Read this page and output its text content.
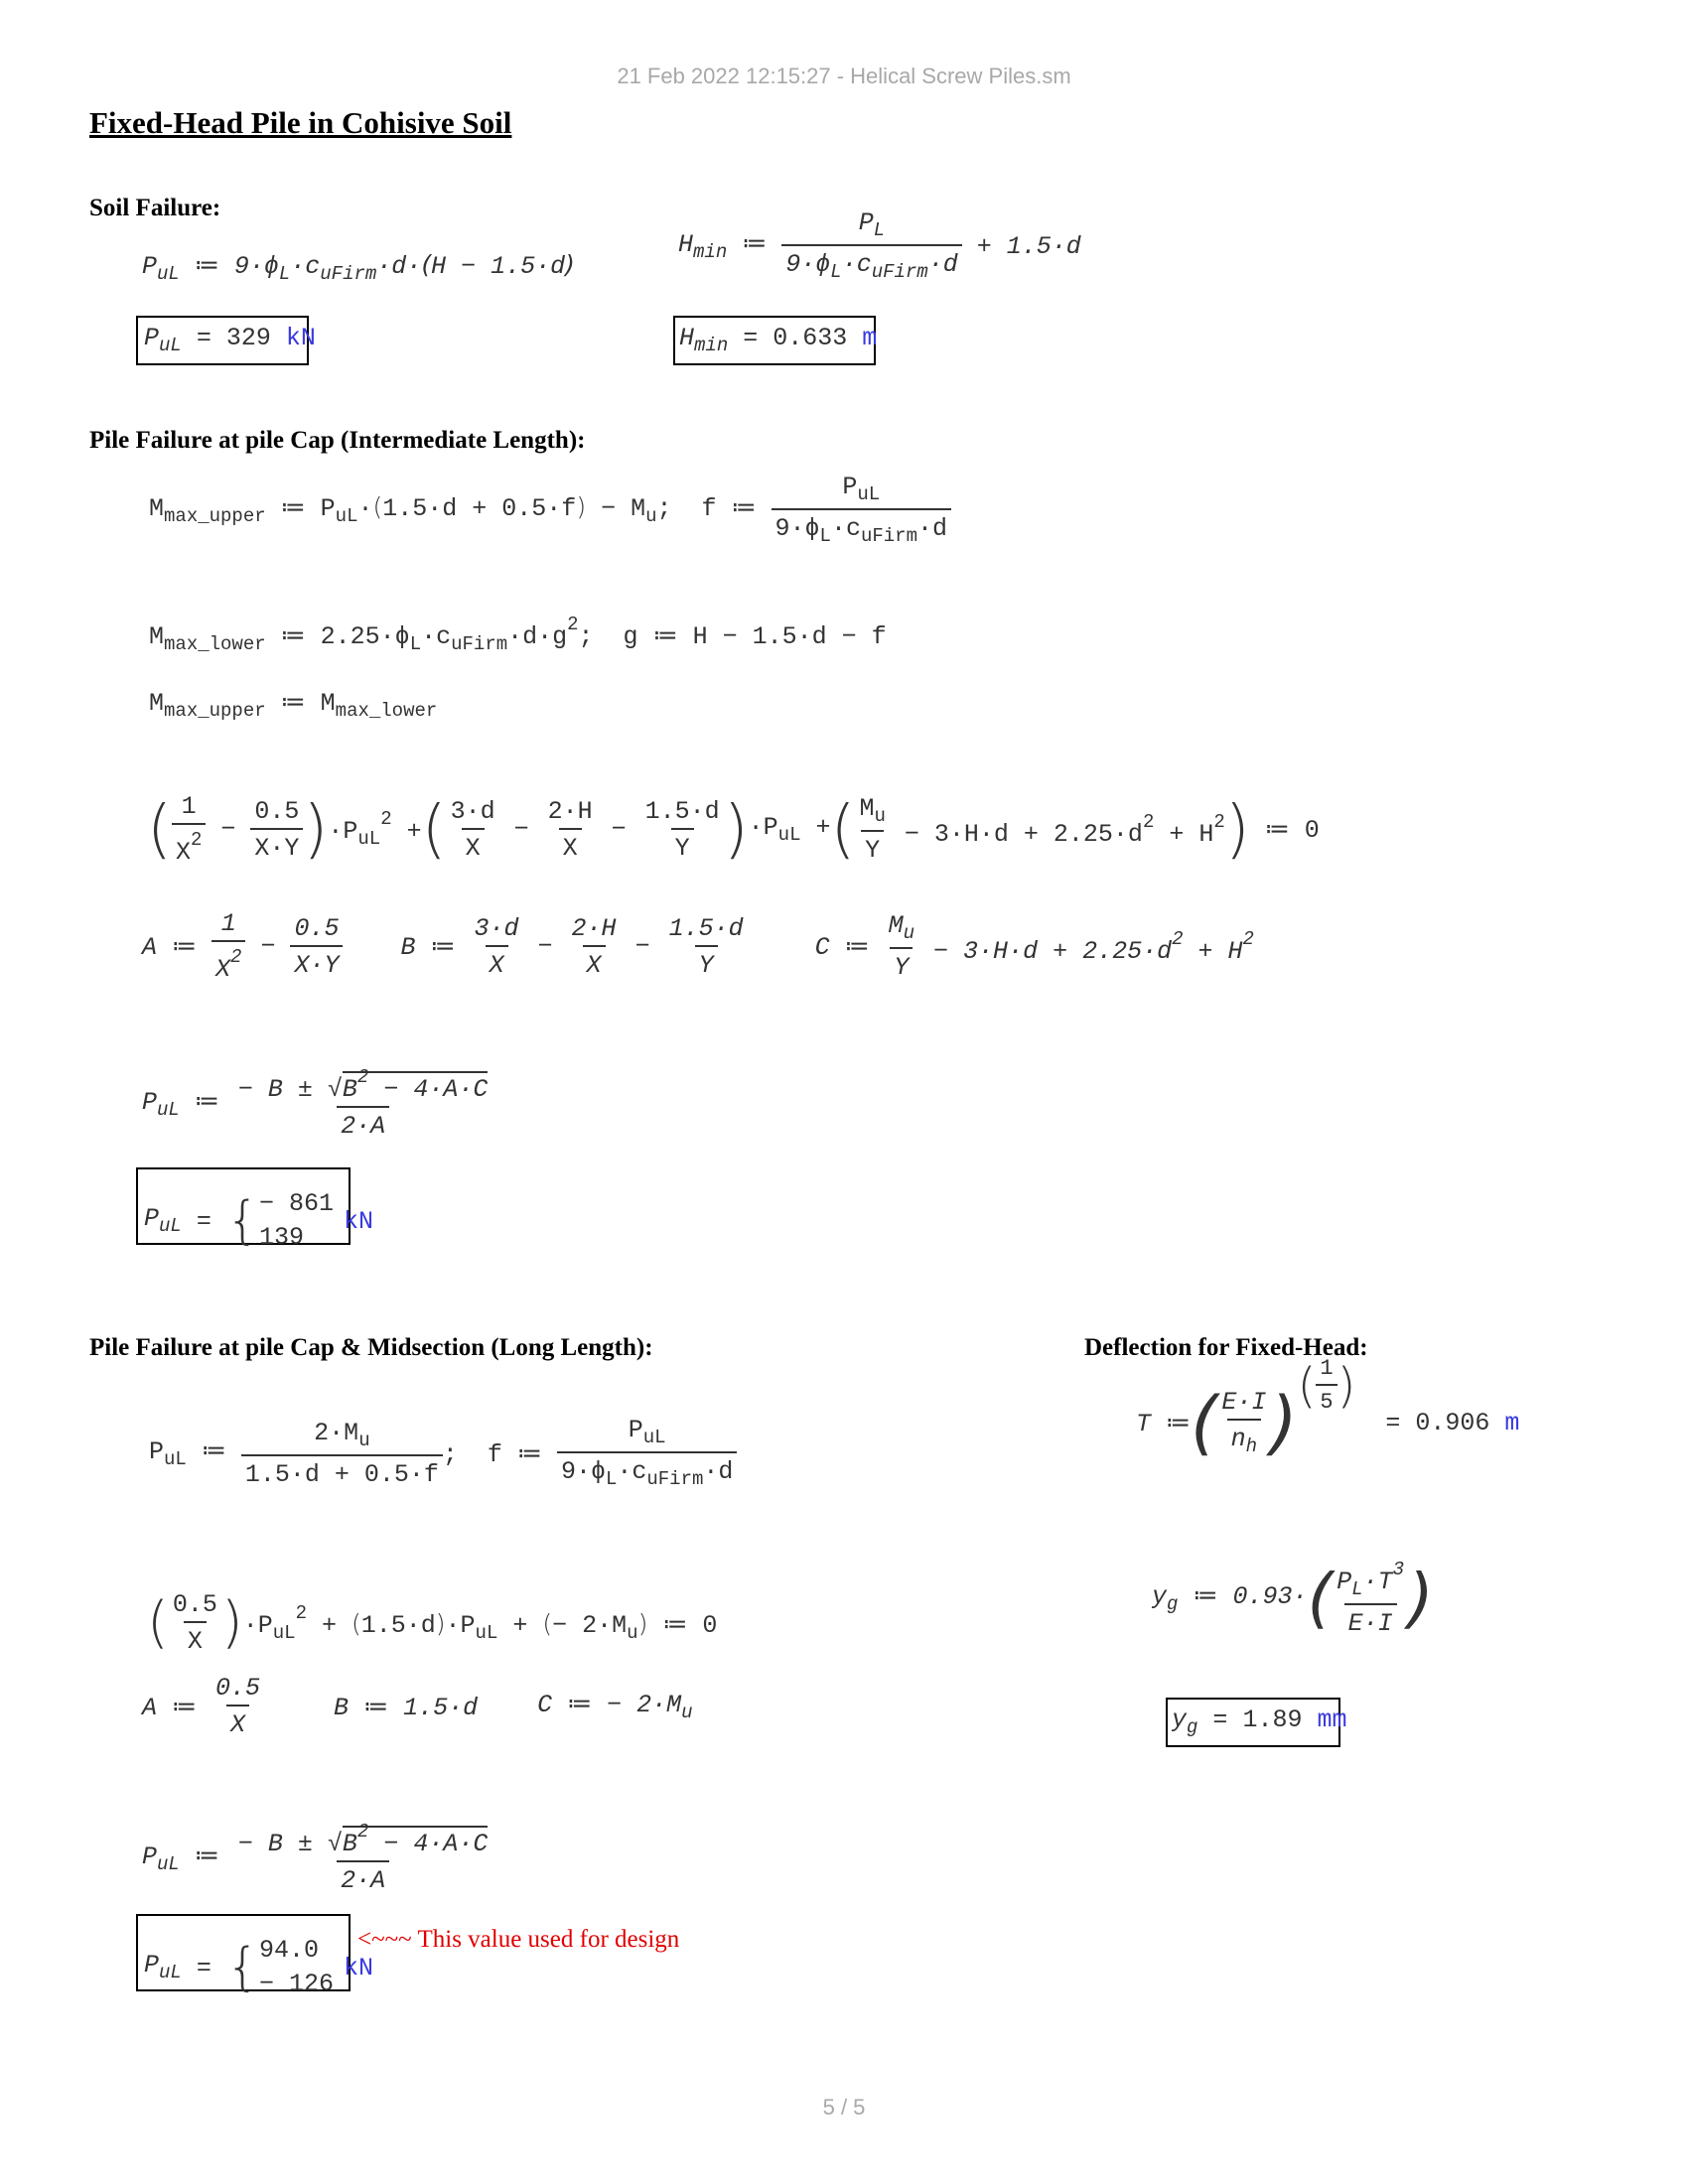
21 Feb 2022 12:15:27 - Helical Screw Piles.sm
5 / 5
Fixed-Head Pile in Cohisive Soil
Soil Failure:
$P_{uL}$ ≔ $9\cdot\phi_L\cdot c_{uFirm}\cdot d\cdot(H - 1.5\cdot d)$
$H_{min}$ ≔ $\frac{P_L}{9\cdot\phi_L\cdot c_{uFirm}\cdot d} + 1.5\cdot d$
$P_{uL} = 329$ kN	$H_{min} = 0.633$ m
Pile Failure at pile Cap (Intermediate Length):
$M_{max\_upper}$ ≔ $P_{uL}\cdot(1.5\cdot d + 0.5\cdot f) - M_u$;  f ≔ $\frac{P_{uL}}{9\cdot\phi_L\cdot c_{uFirm}\cdot d}$
$M_{max\_lower}$ ≔ $2.25\cdot\phi_L\cdot c_{uFirm}\cdot d\cdot g^2$;  g ≔ H − 1.5·d − f
$M_{max\_upper}$ ≔ $M_{max\_lower}$
( $\frac{1}{X^2} - \frac{0.5}{X\cdot Y}$ ) $\cdot P_{uL}^2$ + ( $\frac{3\cdot d}{X} - \frac{2\cdot H}{X} - \frac{1.5\cdot d}{Y}$ ) $\cdot P_{uL}$ + ( $\frac{M_u}{Y} - 3\cdot H\cdot d + 2.25\cdot d^2 + H^2$ ) ≔ 0
A ≔ $\frac{1}{X^2} - \frac{0.5}{X\cdot Y}$ B ≔ $\frac{3\cdot d}{X} - \frac{2\cdot H}{X} - \frac{1.5\cdot d}{Y}$	C ≔ $\frac{M_u}{Y} - 3\cdot H\cdot d + 2.25\cdot d^2 + H^2$
$P_{uL}$ ≔ $\frac{- B \pm √B^2 - 4\cdot A\cdot C}{2\cdot A}$
$P_{uL}$ = { − 861
139
kN
Pile Failure at pile Cap & Midsection (Long Length):
$P_{uL}$ ≔ $\frac{2\cdot M_u}{1.5\cdot d + 0.5\cdot f}$ ;  f ≔ $\frac{P_{uL}}{9\cdot\phi_L\cdot c_{uFirm}\cdot d}$
( $\frac{0.5}{X}$ ) $\cdot P_{uL}^2 + (1.5\cdot d)\cdot P_{uL}$ + (− $2\cdot M_u$) ≔ 0
A ≔ $\frac{0.5}{X}$	B ≔ 1.5·d C ≔ − $2\cdot M_u$
$P_{uL}$ ≔ $\frac{- B \pm √B^2 - 4\cdot A\cdot C}{2\cdot A}$
$P_{uL}$ = { 94.0
− 126
kN
<~~~ This value used for design
Deflection for Fixed-Head:
T ≔ ( $\frac{E\cdot I}{n_h}$ ) ( $\frac{1}{5}$ )
= 0.906 m
$y_g$ ≔ 0.93· ( $\frac{P_L\cdot T^3}{E\cdot I}$ )
$y_g = 1.89$ mm
